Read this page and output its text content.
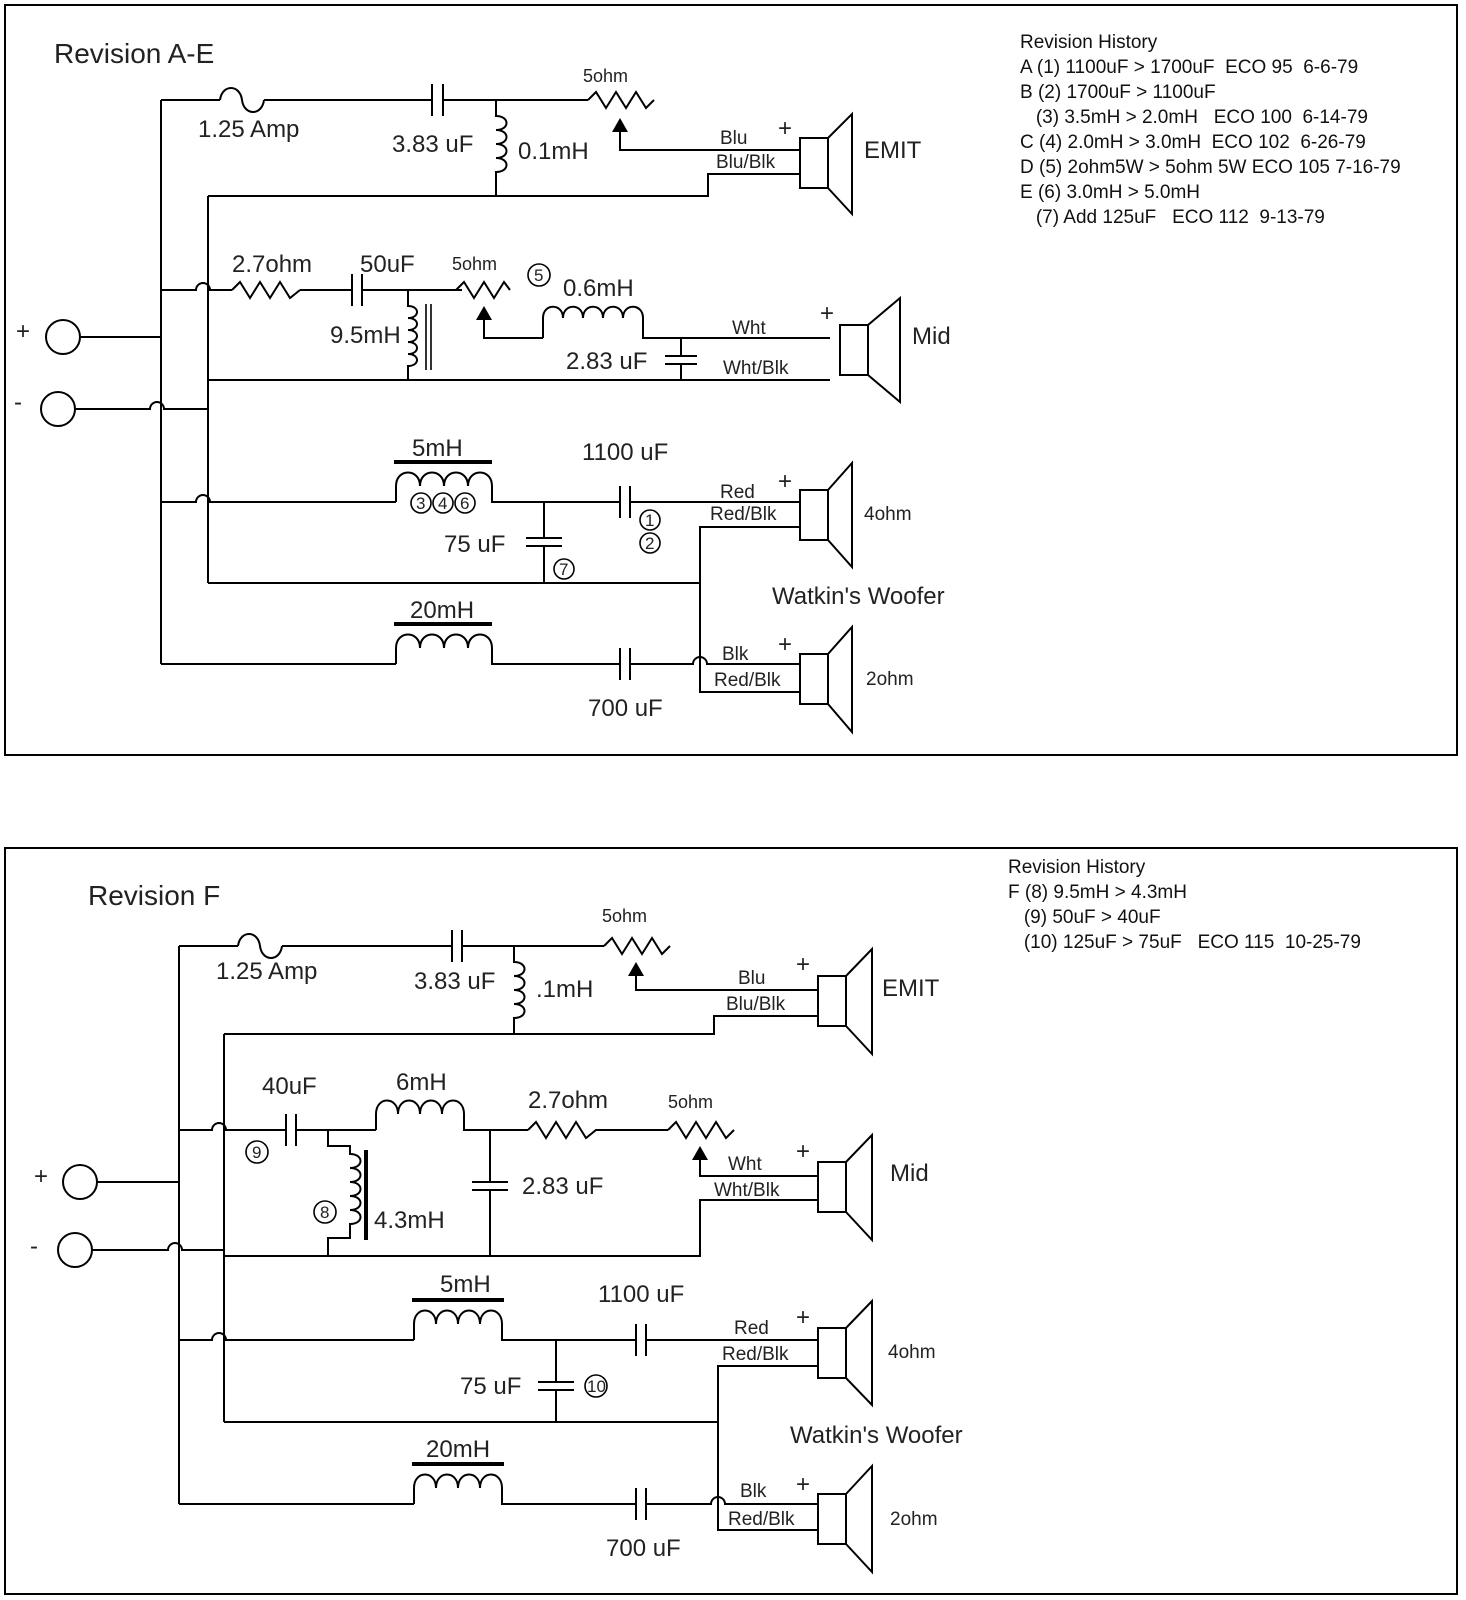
Revision A-E	Revision History
A (1) 1100uF > 1700uF  ECO 95  6-6-79
B (2) 1700uF > 1100uF
(3) 3.5mH > 2.0mH   ECO 100  6-14-79
C (4) 2.0mH > 3.0mH  ECO 102  6-26-79
D (5) 2ohm5W > 5ohm 5W ECO 105 7-16-79
E (6) 3.0mH > 5.0mH
(7) Add 125uF   ECO 112  9-13-79
+
-
1.25 Amp
3.83 uF 0.1mH
5ohm
Blu
Blu/Blk
+
EMIT
2.7ohm 50uF
9.5mH
5ohm
5 0.6mH
2.83 uF
Wht
Wht/Blk
+
Mid
5mH
3 4 6
1100 uF
1
2
75 uF
7
Red
Red/Blk
+
4ohm
Watkin's Woofer
20mH
700 uF
Blk
Red/Blk
+
2ohm
Revision F
Revision History
F (8) 9.5mH > 4.3mH
(9) 50uF > 40uF
(10) 125uF > 75uF   ECO 115  10-25-79
+
-
1.25 Amp	3.83 uF .1mH
5ohm
Blu
Blu/Blk
+
EMIT
40uF
9
6mH
4.3mH
8
2.83 uF
2.7ohm	5ohm
Wht
Wht/Blk
+
Mid
5mH	1100 uF
75 uF	10
Red
Red/Blk
+
4ohm
Watkin's Woofer
20mH
700 uF
Blk
Red/Blk
+
2ohm
